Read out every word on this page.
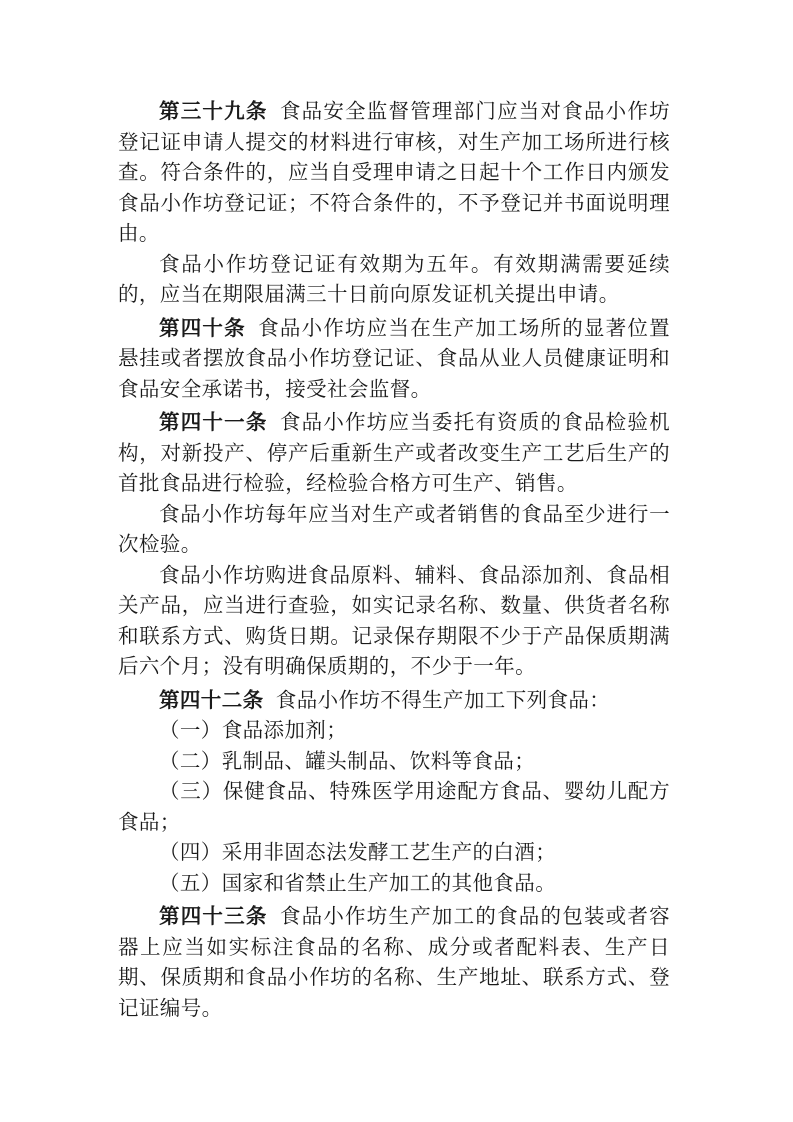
第三十九条 食品安全监督管理部门应当对食品小作坊登记证申请人提交的材料进行审核，对生产加工场所进行核查。符合条件的，应当自受理申请之日起十个工作日内颁发食品小作坊登记证；不符合条件的，不予登记并书面说明理由。

食品小作坊登记证有效期为五年。有效期满需要延续的，应当在期限届满三十日前向原发证机关提出申请。

第四十条 食品小作坊应当在生产加工场所的显著位置悬挂或者摆放食品小作坊登记证、食品从业人员健康证明和食品安全承诺书，接受社会监督。

第四十一条 食品小作坊应当委托有资质的食品检验机构，对新投产、停产后重新生产或者改变生产工艺后生产的首批食品进行检验，经检验合格方可生产、销售。

食品小作坊每年应当对生产或者销售的食品至少进行一次检验。

食品小作坊购进食品原料、辅料、食品添加剂、食品相关产品，应当进行查验，如实记录名称、数量、供货者名称和联系方式、购货日期。记录保存期限不少于产品保质期满后六个月；没有明确保质期的，不少于一年。

第四十二条 食品小作坊不得生产加工下列食品：

（一）食品添加剂；

（二）乳制品、罐头制品、饮料等食品；

（三）保健食品、特殊医学用途配方食品、婴幼儿配方食品；

（四）采用非固态法发酵工艺生产的白酒；

（五）国家和省禁止生产加工的其他食品。

第四十三条 食品小作坊生产加工的食品的包装或者容器上应当如实标注食品的名称、成分或者配料表、生产日期、保质期和食品小作坊的名称、生产地址、联系方式、登记证编号。
